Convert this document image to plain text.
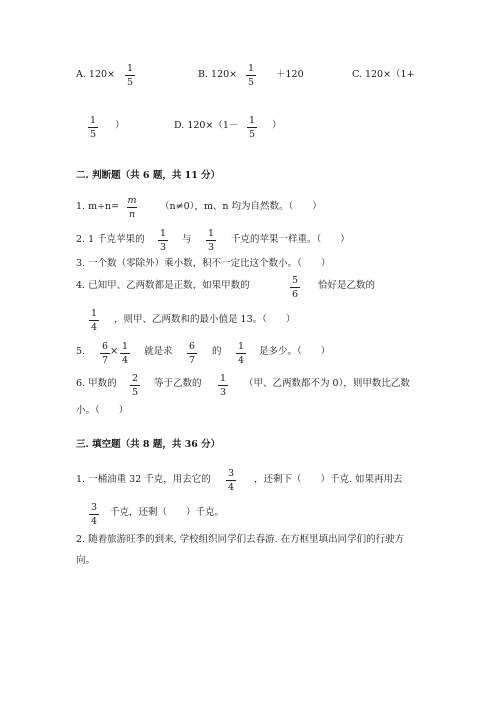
A. 120×
1
5
B. 120×
1
5
＋120	C. 120×（1+
1
5
）	D. 120×（1－ 1
5
）
二. 判断题（共 6 题，共 11 分）
1. m÷n=
m
n
（n≠0），m、n 均为自然数。（　　）
2. 1 千克苹果的
1
3
与
1
3
千克的苹果一样重。（　　）
3. 一个数（零除外）乘小数，积不一定比这个数小。（　　）
4. 已知甲、乙两数都是正数，如果甲数的	5
6
恰好是乙数的
1
4
，则甲、乙两数和的最小值是 13。（　　）
5. 6
7
× 1
4
就是求 6
7
的 1
4
是多少。（　　）
6. 甲数的 2
5
等于乙数的 1
3
（甲、乙两数都不为 0），则甲数比乙数
小。（　　）
三. 填空题（共 8 题，共 36 分）
1. 一桶油重 32 千克，用去它的
3
4
，还剩下（　　）千克. 如果再用去
3
4
千克，还剩（　　）千克。
2. 随着旅游旺季的到来, 学校组织同学们去春游. 在方框里填出同学们的行驶方
向。
